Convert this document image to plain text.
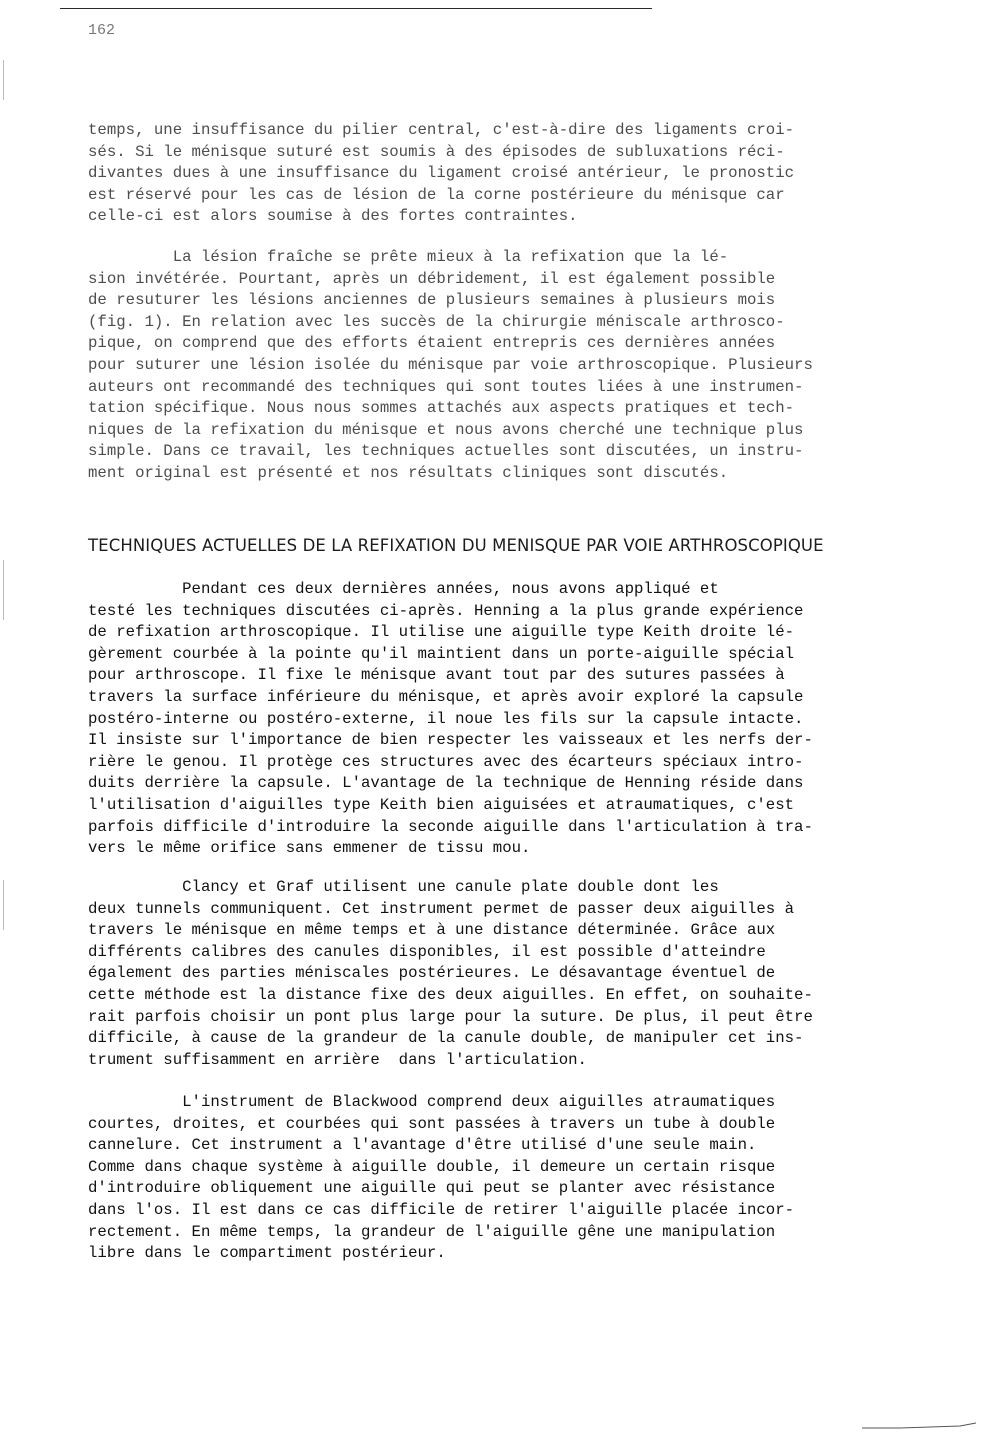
162
temps, une insuffisance du pilier central, c'est-à-dire des ligaments croi-
sés. Si le ménisque suturé est soumis à des épisodes de subluxations réci-
divantes dues à une insuffisance du ligament croisé antérieur, le pronostic
est réservé pour les cas de lésion de la corne postérieure du ménisque car
celle-ci est alors soumise à des fortes contraintes.
La lésion fraîche se prête mieux à la refixation que la lé-
sion invétérée. Pourtant, après un débridement, il est également possible
de resuturer les lésions anciennes de plusieurs semaines à plusieurs mois
(fig. 1). En relation avec les succès de la chirurgie méniscale arthrosco-
pique, on comprend que des efforts étaient entrepris ces dernières années
pour suturer une lésion isolée du ménisque par voie arthroscopique. Plusieurs
auteurs ont recommandé des techniques qui sont toutes liées à une instrumen-
tation spécifique. Nous nous sommes attachés aux aspects pratiques et tech-
niques de la refixation du ménisque et nous avons cherché une technique plus
simple. Dans ce travail, les techniques actuelles sont discutées, un instru-
ment original est présenté et nos résultats cliniques sont discutés.
TECHNIQUES ACTUELLES DE LA REFIXATION DU MENISQUE PAR VOIE ARTHROSCOPIQUE
Pendant ces deux dernières années, nous avons appliqué et
testé les techniques discutées ci-après. Henning a la plus grande expérience
de refixation arthroscopique. Il utilise une aiguille type Keith droite lé-
gèrement courbée à la pointe qu'il maintient dans un porte-aiguille spécial
pour arthroscope. Il fixe le ménisque avant tout par des sutures passées à
travers la surface inférieure du ménisque, et après avoir exploré la capsule
postéro-interne ou postéro-externe, il noue les fils sur la capsule intacte.
Il insiste sur l'importance de bien respecter les vaisseaux et les nerfs der-
rière le genou. Il protège ces structures avec des écarteurs spéciaux intro-
duits derrière la capsule. L'avantage de la technique de Henning réside dans
l'utilisation d'aiguilles type Keith bien aiguisées et atraumatiques, c'est
parfois difficile d'introduire la seconde aiguille dans l'articulation à tra-
vers le même orifice sans emmener de tissu mou.
Clancy et Graf utilisent une canule plate double dont les
deux tunnels communiquent. Cet instrument permet de passer deux aiguilles à
travers le ménisque en même temps et à une distance déterminée. Grâce aux
différents calibres des canules disponibles, il est possible d'atteindre
également des parties méniscales postérieures. Le désavantage éventuel de
cette méthode est la distance fixe des deux aiguilles. En effet, on souhaite-
rait parfois choisir un pont plus large pour la suture. De plus, il peut être
difficile, à cause de la grandeur de la canule double, de manipuler cet ins-
trument suffisamment en arrière  dans l'articulation.
L'instrument de Blackwood comprend deux aiguilles atraumatiques
courtes, droites, et courbées qui sont passées à travers un tube à double
cannelure. Cet instrument a l'avantage d'être utilisé d'une seule main.
Comme dans chaque système à aiguille double, il demeure un certain risque
d'introduire obliquement une aiguille qui peut se planter avec résistance
dans l'os. Il est dans ce cas difficile de retirer l'aiguille placée incor-
rectement. En même temps, la grandeur de l'aiguille gêne une manipulation
libre dans le compartiment postérieur.
